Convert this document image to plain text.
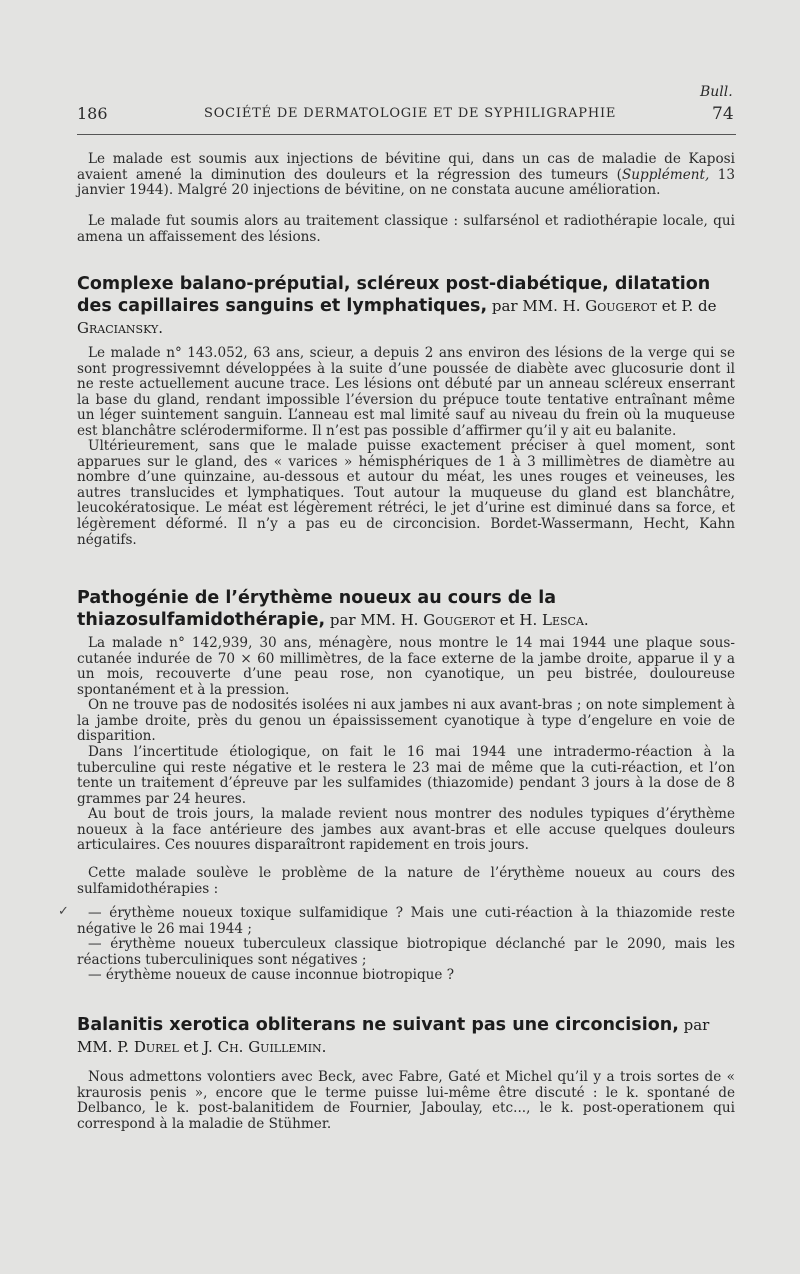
Bull.
186	SOCIÉTÉ DE DERMATOLOGIE ET DE SYPHILIGRAPHIE	74
Le malade est soumis aux injections de bévitine qui, dans un cas de maladie de Kaposi avaient amené la diminution des douleurs et la régression des tumeurs (Supplément, 13 janvier 1944). Malgré 20 injections de bévitine, on ne constata aucune amélioration.
Le malade fut soumis alors au traitement classique : sulfarsénol et radiothérapie locale, qui amena un affaissement des lésions.
Complexe balano-préputial, scléreux post-diabétique, dilatation des capillaires sanguins et lymphatiques, par MM. H. Gougerot et P. de Graciansky.
Le malade n° 143.052, 63 ans, scieur, a depuis 2 ans environ des lésions de la verge qui se sont progressivemnt développées à la suite d’une poussée de diabète avec glucosurie dont il ne reste actuellement aucune trace. Les lésions ont débuté par un anneau scléreux enserrant la base du gland, rendant impossible l’éversion du prépuce toute tentative entraînant même un léger suintement sanguin. L’anneau est mal limité sauf au niveau du frein où la muqueuse est blanchâtre sclérodermiforme. Il n’est pas possible d’affirmer qu’il y ait eu balanite.
Ultérieurement, sans que le malade puisse exactement préciser à quel moment, sont apparues sur le gland, des « varices » hémisphériques de 1 à 3 millimètres de diamètre au nombre d’une quinzaine, au-dessous et autour du méat, les unes rouges et veineuses, les autres translucides et lymphatiques. Tout autour la muqueuse du gland est blanchâtre, leucokératosique. Le méat est légèrement rétréci, le jet d’urine est diminué dans sa force, et légèrement déformé. Il n’y a pas eu de circoncision. Bordet-Wassermann, Hecht, Kahn négatifs.
Pathogénie de l’érythème noueux au cours de la thiazosulfamidothérapie, par MM. H. Gougerot et H. Lesca.
La malade n° 142,939, 30 ans, ménagère, nous montre le 14 mai 1944 une plaque sous-cutanée indurée de 70 × 60 millimètres, de la face externe de la jambe droite, apparue il y a un mois, recouverte d’une peau rose, non cyanotique, un peu bistrée, douloureuse spontanément et à la pression.
On ne trouve pas de nodosités isolées ni aux jambes ni aux avant-bras ; on note simplement à la jambe droite, près du genou un épaississement cyanotique à type d’engelure en voie de disparition.
Dans l’incertitude étiologique, on fait le 16 mai 1944 une intradermo-réaction à la tuberculine qui reste négative et le restera le 23 mai de même que la cuti-réaction, et l’on tente un traitement d’épreuve par les sulfamides (thiazomide) pendant 3 jours à la dose de 8 grammes par 24 heures.
Au bout de trois jours, la malade revient nous montrer des nodules typiques d’érythème noueux à la face antérieure des jambes aux avant-bras et elle accuse quelques douleurs articulaires. Ces nouures disparaîtront rapidement en trois jours.
Cette malade soulève le problème de la nature de l’érythème noueux au cours des sulfamidothérapies :
— érythème noueux toxique sulfamidique ? Mais une cuti-réaction à la thiazomide reste négative le 26 mai 1944 ;
— érythème noueux tuberculeux classique biotropique déclanché par le 2090, mais les réactions tuberculiniques sont négatives ;
— érythème noueux de cause inconnue biotropique ?
Balanitis xerotica obliterans ne suivant pas une circoncision, par MM. P. Durel et J. Ch. Guillemin.
Nous admettons volontiers avec Beck, avec Fabre, Gaté et Michel qu’il y a trois sortes de « kraurosis penis », encore que le terme puisse lui-même être discuté : le k. spontané de Delbanco, le k. post-balanitidem de Fournier, Jaboulay, etc..., le k. post-operationem qui correspond à la maladie de Stühmer.
✓
